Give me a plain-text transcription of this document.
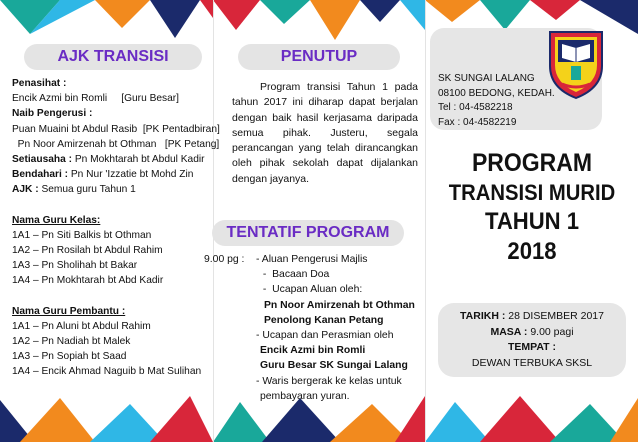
AJK TRANSISI
Penasihat :
Encik Azmi bin Romli     [Guru Besar]
Naib Pengerusi :
Puan Muaini bt Abdul Rasib  [PK Pentadbiran]
Pn Noor Amirzenah bt Othman   [PK Petang]
Setiausaha : Pn Mokhtarah bt Abdul Kadir
Bendahari : Pn Nur 'Izzatie bt Mohd Zin
AJK : Semua guru Tahun 1
Nama Guru Kelas:
1A1 – Pn Siti Balkis bt Othman
1A2 – Pn Rosilah bt Abdul Rahim
1A3 – Pn Sholihah bt Bakar
1A4 – Pn Mokhtarah bt Abd Kadir
Nama Guru Pembantu :
1A1 – Pn Aluni bt Abdul Rahim
1A2 – Pn Nadiah bt Malek
1A3 – Pn Sopiah bt Saad
1A4 – Encik Ahmad Naguib b Mat Sulihan
PENUTUP
Program transisi Tahun 1 pada tahun 2017 ini diharap dapat berjalan dengan baik hasil kerjasama daripada semua pihak. Justeru, segala perancangan yang telah dirancangkan oleh pihak sekolah dapat dijalankan dengan jayanya.
TENTATIF PROGRAM
9.00 pg :	- Aluan Pengerusi Majlis
-  Bacaan Doa
-  Ucapan Aluan oleh:
Pn Noor Amirzenah bt Othman
Penolong Kanan Petang
- Ucapan dan Perasmian oleh
Encik Azmi bin Romli
Guru Besar SK Sungai Lalang
- Waris bergerak ke kelas untuk
pembayaran yuran.
SK SUNGAI LALANG
08100 BEDONG, KEDAH.
Tel : 04-4582218
Fax : 04-4582219
PROGRAM
TRANSISI MURID
TAHUN 1
2018
TARIKH : 28 DISEMBER 2017
MASA : 9.00 pagi
TEMPAT :
DEWAN TERBUKA SKSL
